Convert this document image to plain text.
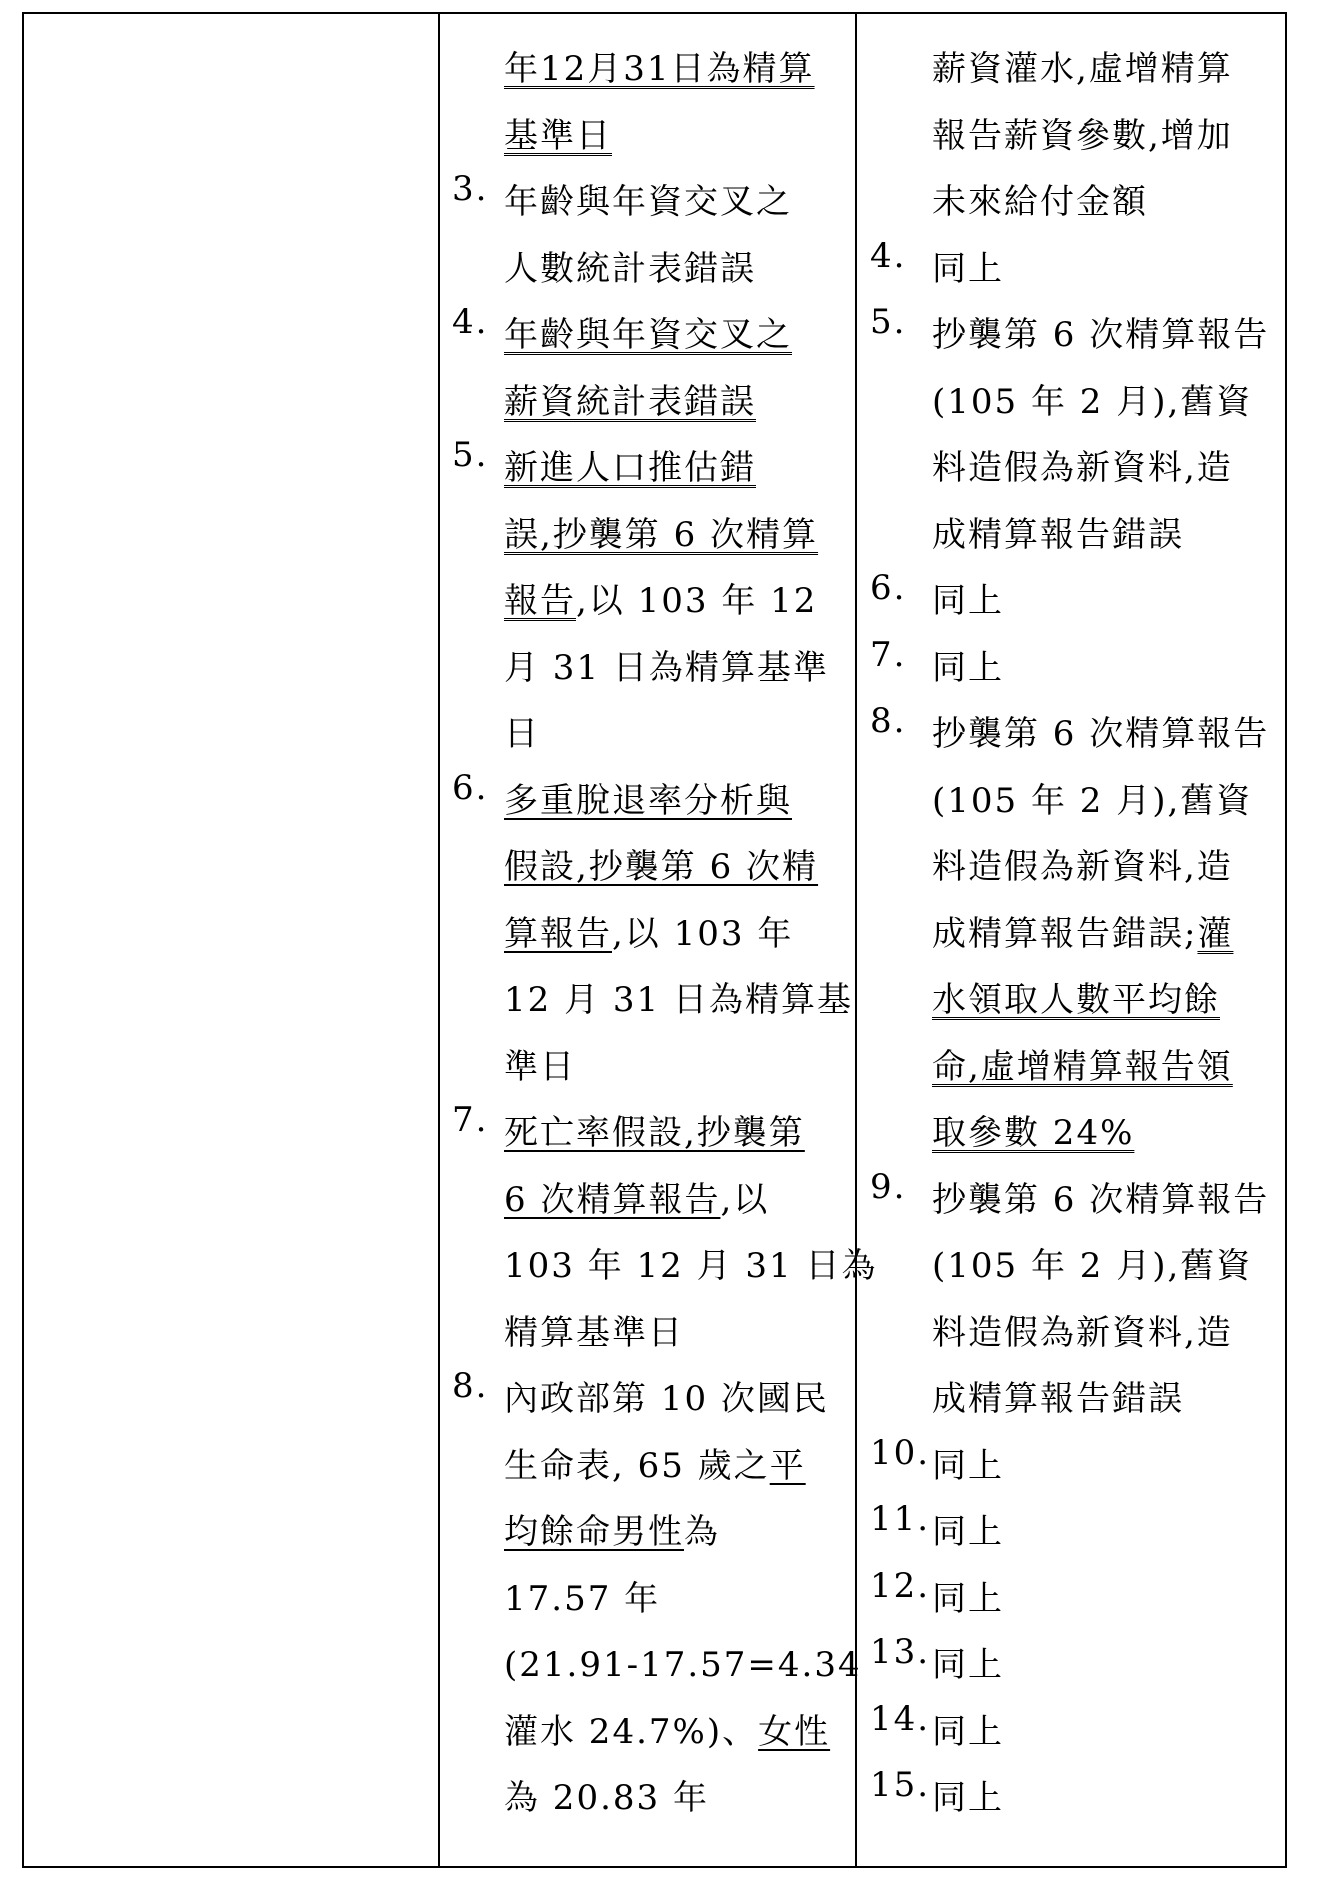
年12月31日為精算
基準日
3. 年齡與年資交叉之
人數統計表錯誤
4. 年齡與年資交叉之
薪資統計表錯誤
5. 新進人口推估錯
誤,抄襲第 6 次精算
報告,以 103 年 12
月 31 日為精算基準
日
6. 多重脫退率分析與
假設,抄襲第 6 次精
算報告,以 103 年
12 月 31 日為精算基
準日
7. 死亡率假設,抄襲第
6 次精算報告,以
103 年 12 月 31 日為
精算基準日
8. 內政部第 10 次國民
生命表, 65 歲之平
均餘命男性為
17.57 年
(21.91-17.57=4.34
灌水 24.7%)、女性
為 20.83 年
薪資灌水,虛增精算
報告薪資參數,增加
未來給付金額
4. 同上
5. 抄襲第 6 次精算報告
(105 年 2 月),舊資
料造假為新資料,造
成精算報告錯誤
6. 同上
7. 同上
8. 抄襲第 6 次精算報告
(105 年 2 月),舊資
料造假為新資料,造
成精算報告錯誤;灌
水領取人數平均餘
命,虛增精算報告領
取參數 24%
9. 抄襲第 6 次精算報告
(105 年 2 月),舊資
料造假為新資料,造
成精算報告錯誤
10. 同上
11. 同上
12. 同上
13. 同上
14. 同上
15. 同上
